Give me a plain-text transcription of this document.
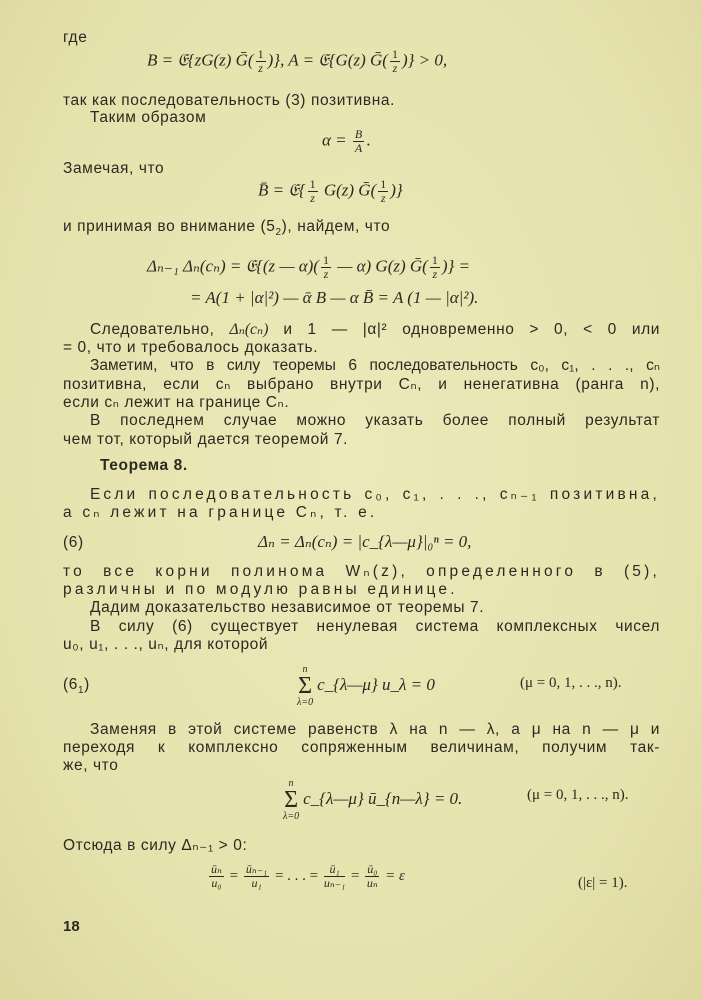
где
B = 𝔈{zG(z) Ḡ( $\frac{1}{z}$ )}, A = 𝔈{G(z) Ḡ( $\frac{1}{z}$ )} > 0,
так как последовательность (3) позитивна.
Таким образом
$\alpha = \frac{B}{A}$ .
Замечая, что
B̄ = 𝔈{ $\frac{1}{z} G(z)$ Ḡ( $\frac{1}{z}$ )}
и принимая во внимание $(5_2)$, найдем, что
Δₙ₋₁ Δₙ(cₙ) = 𝔈{(z — $\alpha)( \frac{1}{z}$ — α) G(z) Ḡ( $\frac{1}{z}$ )} =
= A(1 + |α|²) — ᾱ B — α B̄ = A (1 — |α|²).
Следовательно, Δₙ(cₙ) и 1 — |α|² одновременно > 0, < 0 или
= 0, что и требовалось доказать.
Заметим, что в силу теоремы 6 последовательность c₀, c₁, . . ., cₙ
позитивна, если cₙ выбрано внутри Cₙ, и ненегативна (ранга n),
если cₙ лежит на границе Cₙ.
В последнем случае можно указать более полный результат
чем тот, который дается теоремой 7.
Теорема 8.
Если последовательность c₀, c₁, . . ., cₙ₋₁ позитивна,
а cₙ лежит на границе Cₙ, т. е.
(6)	Δₙ = Δₙ(cₙ) = |c_{λ—μ}|₀ⁿ = 0,
то все корни полинома Wₙ(z), определенного в (5),
различны и по модулю равны единице.
Дадим доказательство независимое от теоремы 7.
В силу (6) существует ненулевая система комплексных чисел
u₀, u₁, . . ., uₙ, для которой
$(6_1)$
n
Σ
λ=0
c_{λ—μ} u_λ = 0	(μ = 0, 1, . . ., n).
Заменяя в этой системе равенств λ на n — λ, а μ на n — μ и
переходя к комплексно сопряженным величинам, получим так-
же, что
n
Σ
λ=0
c_{λ—μ} ū_{n—λ} = 0.	(μ = 0, 1, . . ., n).
Отсюда в силу Δₙ₋₁ > 0:
$\frac{\text{ūₙ}}{\text{u₀}} = \frac{\text{ūₙ₋₁}}{\text{u₁}}$ = . . . = $\frac{\text{ū₁}}{\text{uₙ₋₁}} = \frac{\text{ū₀}}{\text{uₙ}} = \varepsilon$	(|ε| = 1).
18
